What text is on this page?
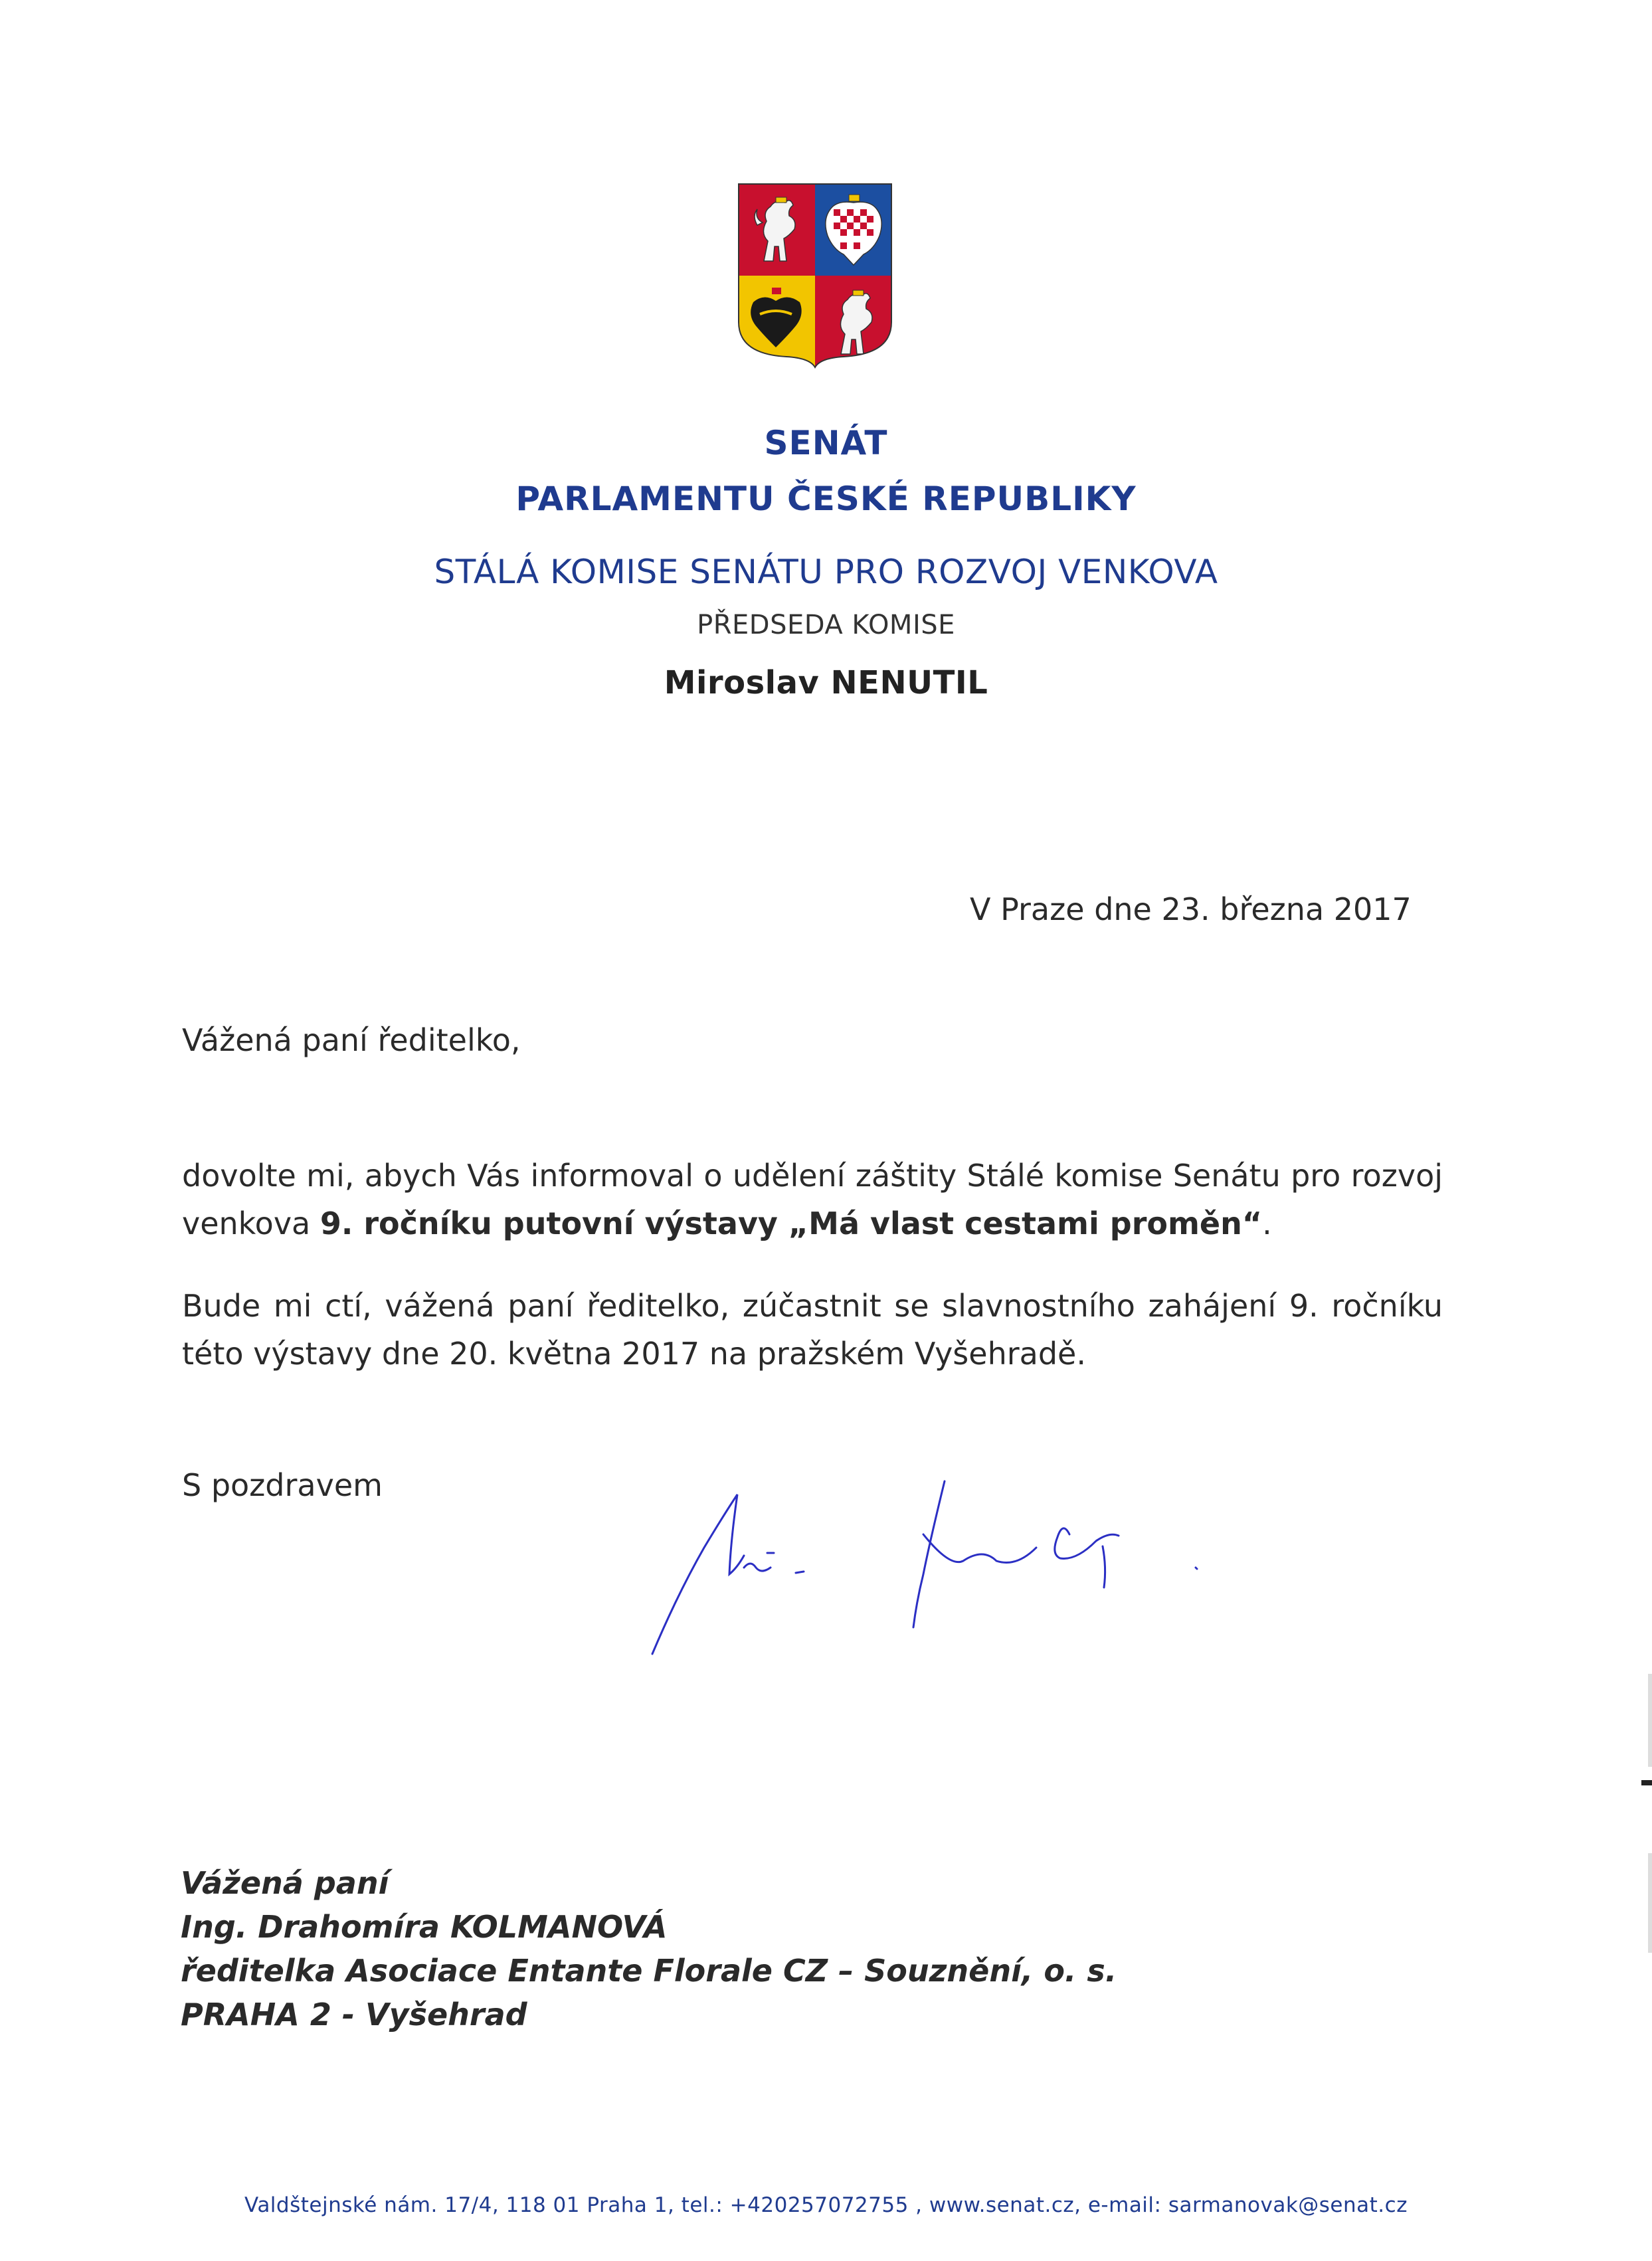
SENÁT
PARLAMENTU ČESKÉ REPUBLIKY
STÁLÁ KOMISE SENÁTU PRO ROZVOJ VENKOVA
PŘEDSEDA KOMISE
Miroslav NENUTIL
V Praze dne 23. března 2017
Vážená paní ředitelko,
dovolte mi, abych Vás informoval o udělení záštity Stálé komise Senátu pro rozvoj venkova 9. ročníku putovní výstavy „Má vlast cestami proměn“.
Bude mi ctí, vážená paní ředitelko, zúčastnit se slavnostního zahájení 9. ročníku této výstavy dne 20. května 2017 na pražském Vyšehradě.
S pozdravem
Vážená paní
Ing. Drahomíra KOLMANOVÁ
ředitelka Asociace Entante Florale CZ – Souznění, o. s.
PRAHA 2 - Vyšehrad
Valdštejnské nám. 17/4, 118 01 Praha 1, tel.: +420257072755 , www.senat.cz, e-mail: sarmanovak@senat.cz
